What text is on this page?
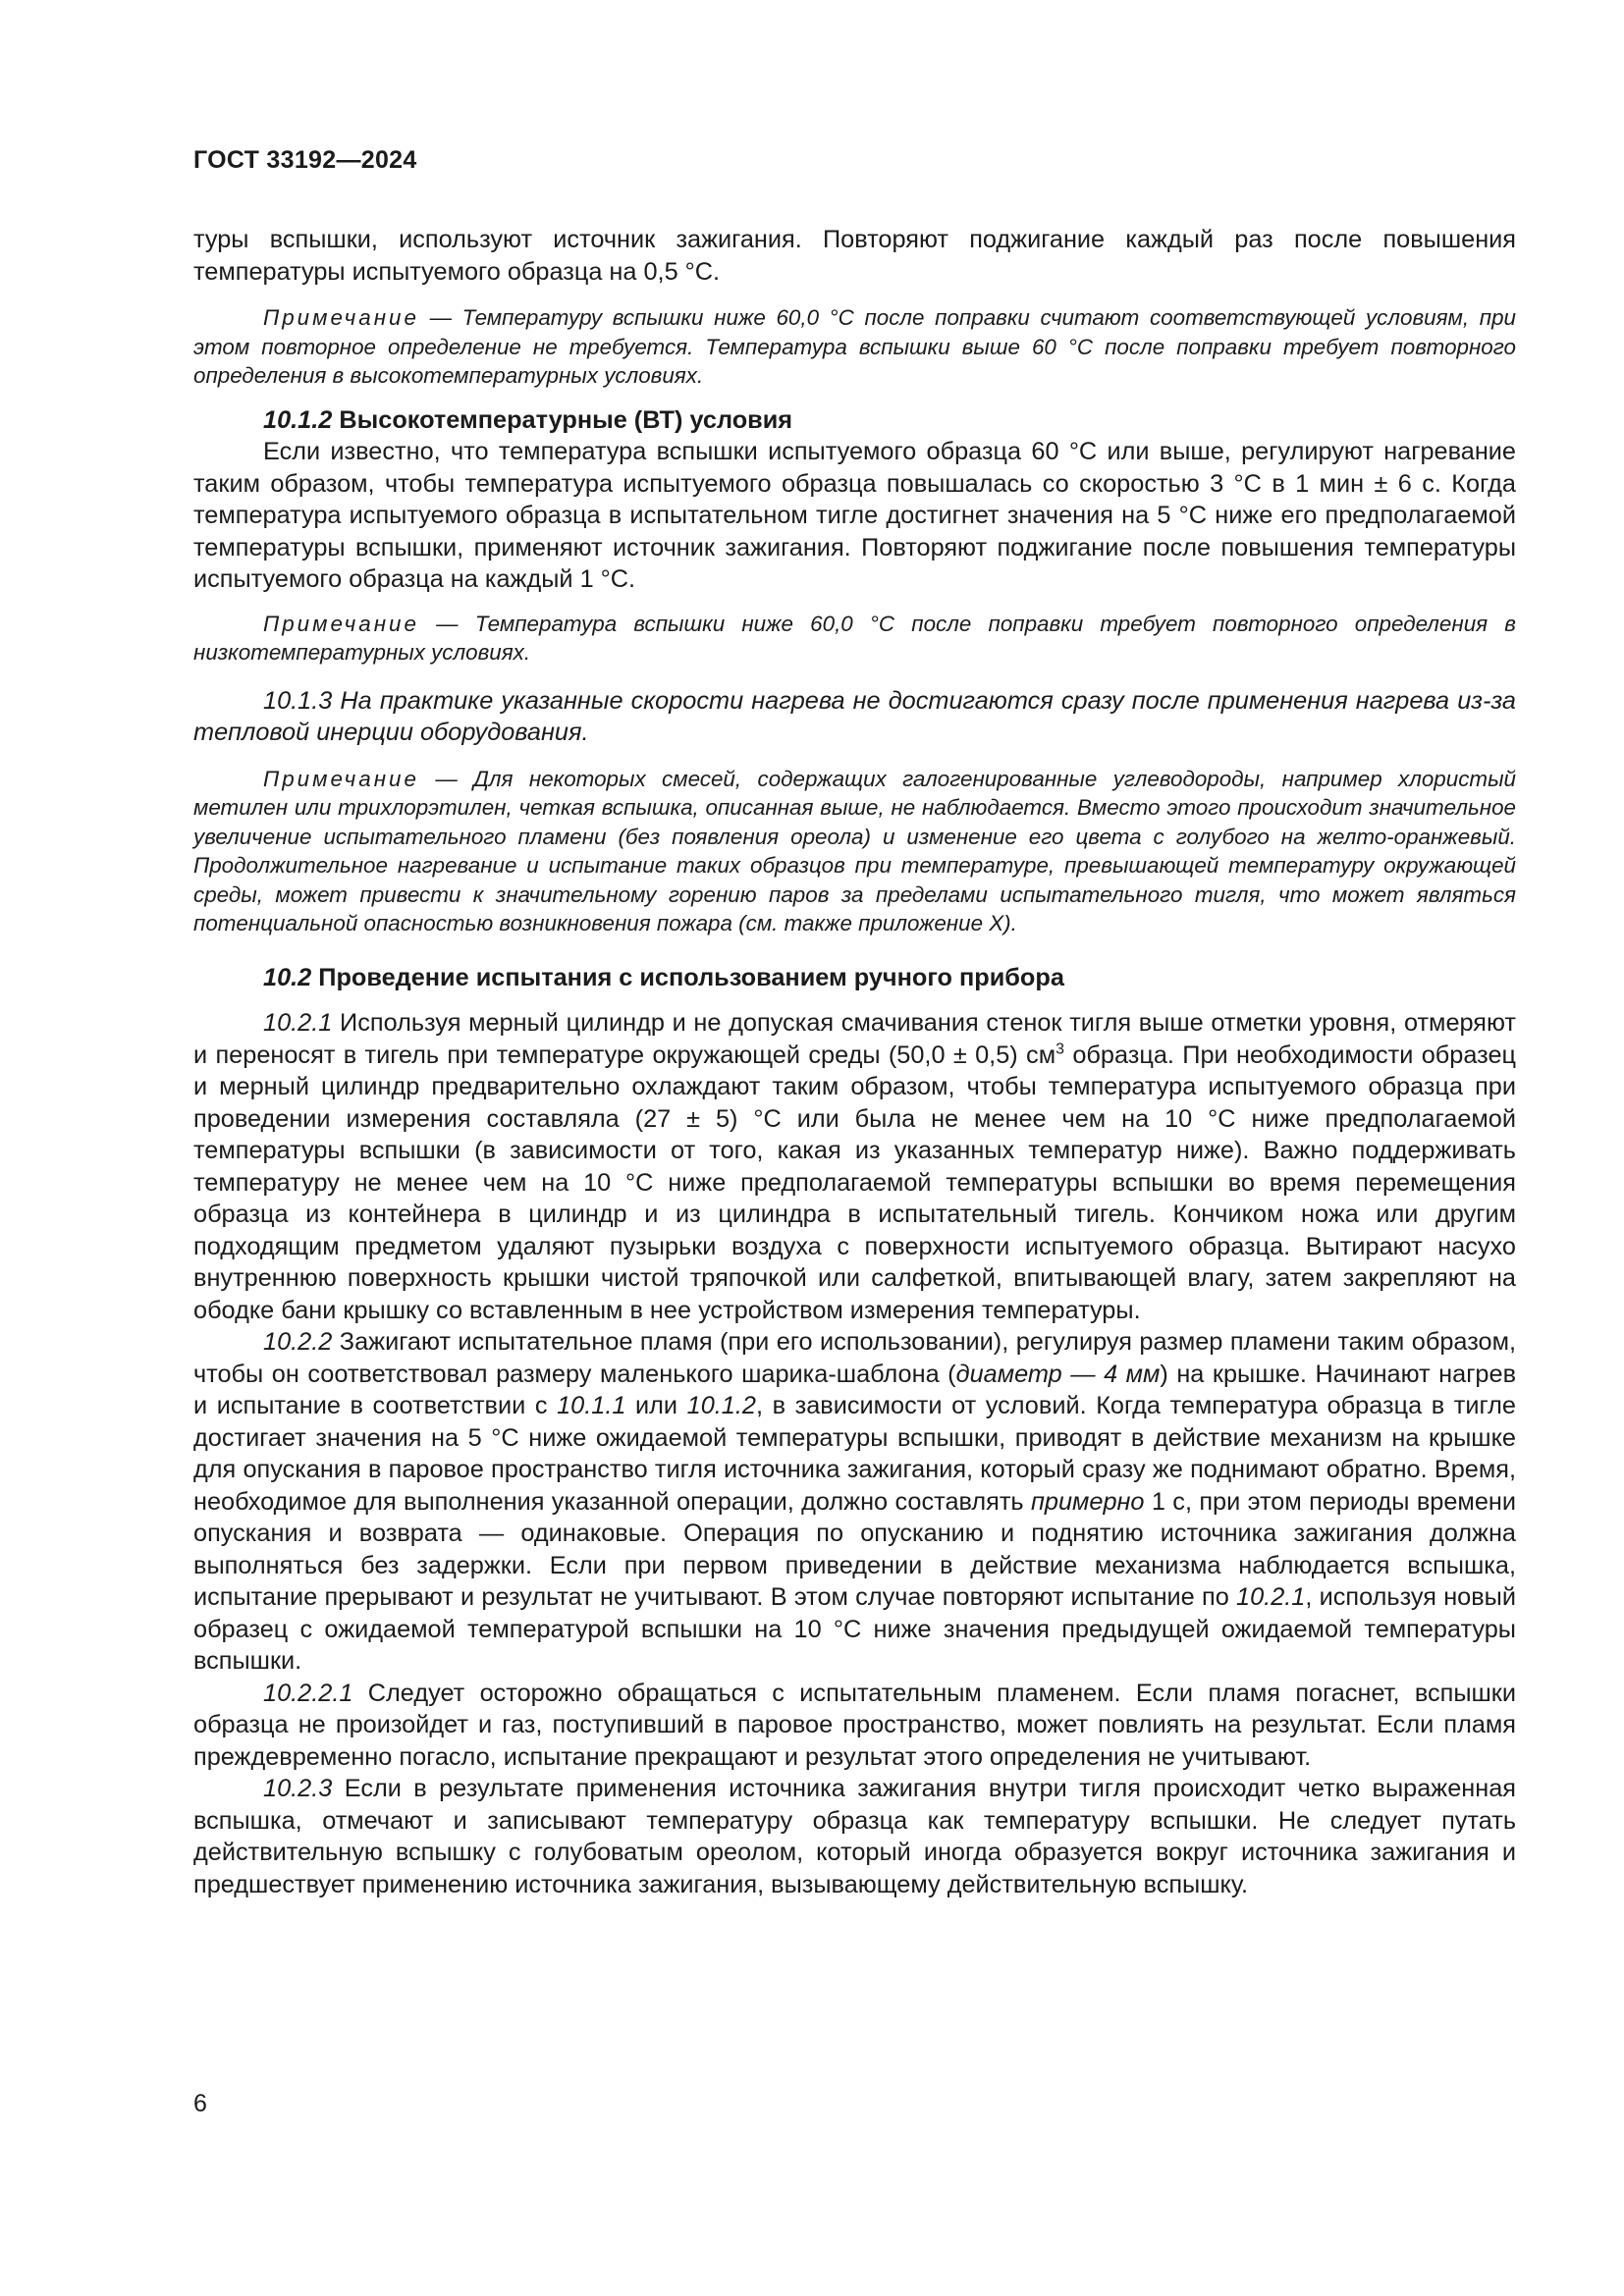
ГОСТ 33192—2024

туры вспышки, используют источник зажигания. Повторяют поджигание каждый раз после повышения температуры испытуемого образца на 0,5 °С.

Примечание — Температуру вспышки ниже 60,0 °С после поправки считают соответствующей условиям, при этом повторное определение не требуется. Температура вспышки выше 60 °С после поправки требует повторного определения в высокотемпературных условиях.

10.1.2 Высокотемпературные (ВТ) условия

Если известно, что температура вспышки испытуемого образца 60 °С или выше, регулируют нагревание таким образом, чтобы температура испытуемого образца повышалась со скоростью 3 °С в 1 мин ± 6 с. Когда температура испытуемого образца в испытательном тигле достигнет значения на 5 °С ниже его предполагаемой температуры вспышки, применяют источник зажигания. Повторяют поджигание после повышения температуры испытуемого образца на каждый 1 °С.

Примечание — Температура вспышки ниже 60,0 °С после поправки требует повторного определения в низкотемпературных условиях.

10.1.3 На практике указанные скорости нагрева не достигаются сразу после применения нагрева из-за тепловой инерции оборудования.

Примечание — Для некоторых смесей, содержащих галогенированные углеводороды, например хлористый метилен или трихлорэтилен, четкая вспышка, описанная выше, не наблюдается. Вместо этого происходит значительное увеличение испытательного пламени (без появления ореола) и изменение его цвета с голубого на желто-оранжевый. Продолжительное нагревание и испытание таких образцов при температуре, превышающей температуру окружающей среды, может привести к значительному горению паров за пределами испытательного тигля, что может являться потенциальной опасностью возникновения пожара (см. также приложение X).

10.2 Проведение испытания с использованием ручного прибора

10.2.1 Используя мерный цилиндр и не допуская смачивания стенок тигля выше отметки уровня, отмеряют и переносят в тигель при температуре окружающей среды (50,0 ± 0,5) $см^3$ образца. При необходимости образец и мерный цилиндр предварительно охлаждают таким образом, чтобы температура испытуемого образца при проведении измерения составляла (27 ± 5) °С или была не менее чем на 10 °С ниже предполагаемой температуры вспышки (в зависимости от того, какая из указанных температур ниже). Важно поддерживать температуру не менее чем на 10 °С ниже предполагаемой температуры вспышки во время перемещения образца из контейнера в цилиндр и из цилиндра в испытательный тигель. Кончиком ножа или другим подходящим предметом удаляют пузырьки воздуха с поверхности испытуемого образца. Вытирают насухо внутреннюю поверхность крышки чистой тряпочкой или салфеткой, впитывающей влагу, затем закрепляют на ободке бани крышку со вставленным в нее устройством измерения температуры.

10.2.2 Зажигают испытательное пламя (при его использовании), регулируя размер пламени таким образом, чтобы он соответствовал размеру маленького шарика-шаблона (диаметр — 4 мм) на крышке. Начинают нагрев и испытание в соответствии с 10.1.1 или 10.1.2, в зависимости от условий. Когда температура образца в тигле достигает значения на 5 °С ниже ожидаемой температуры вспышки, приводят в действие механизм на крышке для опускания в паровое пространство тигля источника зажигания, который сразу же поднимают обратно. Время, необходимое для выполнения указанной операции, должно составлять примерно 1 с, при этом периоды времени опускания и возврата — одинаковые. Операция по опусканию и поднятию источника зажигания должна выполняться без задержки. Если при первом приведении в действие механизма наблюдается вспышка, испытание прерывают и результат не учитывают. В этом случае повторяют испытание по 10.2.1, используя новый образец с ожидаемой температурой вспышки на 10 °С ниже значения предыдущей ожидаемой температуры вспышки.

10.2.2.1 Следует осторожно обращаться с испытательным пламенем. Если пламя погаснет, вспышки образца не произойдет и газ, поступивший в паровое пространство, может повлиять на результат. Если пламя преждевременно погасло, испытание прекращают и результат этого определения не учитывают.

10.2.3 Если в результате применения источника зажигания внутри тигля происходит четко выраженная вспышка, отмечают и записывают температуру образца как температуру вспышки. Не следует путать действительную вспышку с голубоватым ореолом, который иногда образуется вокруг источника зажигания и предшествует применению источника зажигания, вызывающему действительную вспышку.

6
